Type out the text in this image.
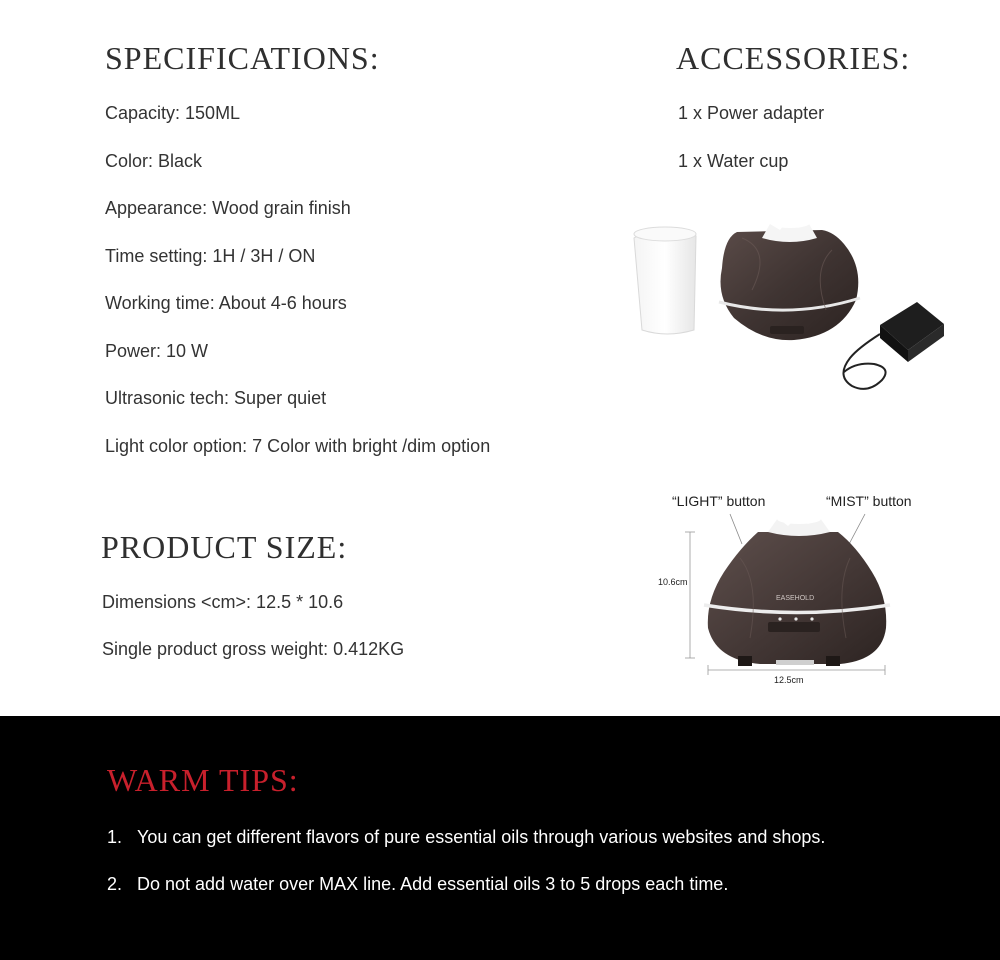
SPECIFICATIONS:

Capacity: 150ML

Color: Black

Appearance: Wood grain finish

Time setting: 1H / 3H / ON

Working time: About 4-6 hours

Power: 10 W

Ultrasonic tech: Super quiet

Light color option: 7 Color with bright /dim option

ACCESSORIES:

1 x Power adapter

1 x Water cup

PRODUCT SIZE:

Dimensions <cm>: 12.5 * 10.6

Single product gross weight: 0.412KG

“LIGHT” button	“MIST” button
10.6cm
12.5cm
EASEHOLD
WARM TIPS:
1. You can get different flavors of pure essential oils through various websites and shops.
2. Do not add water over MAX line. Add essential oils 3 to 5 drops each time.
